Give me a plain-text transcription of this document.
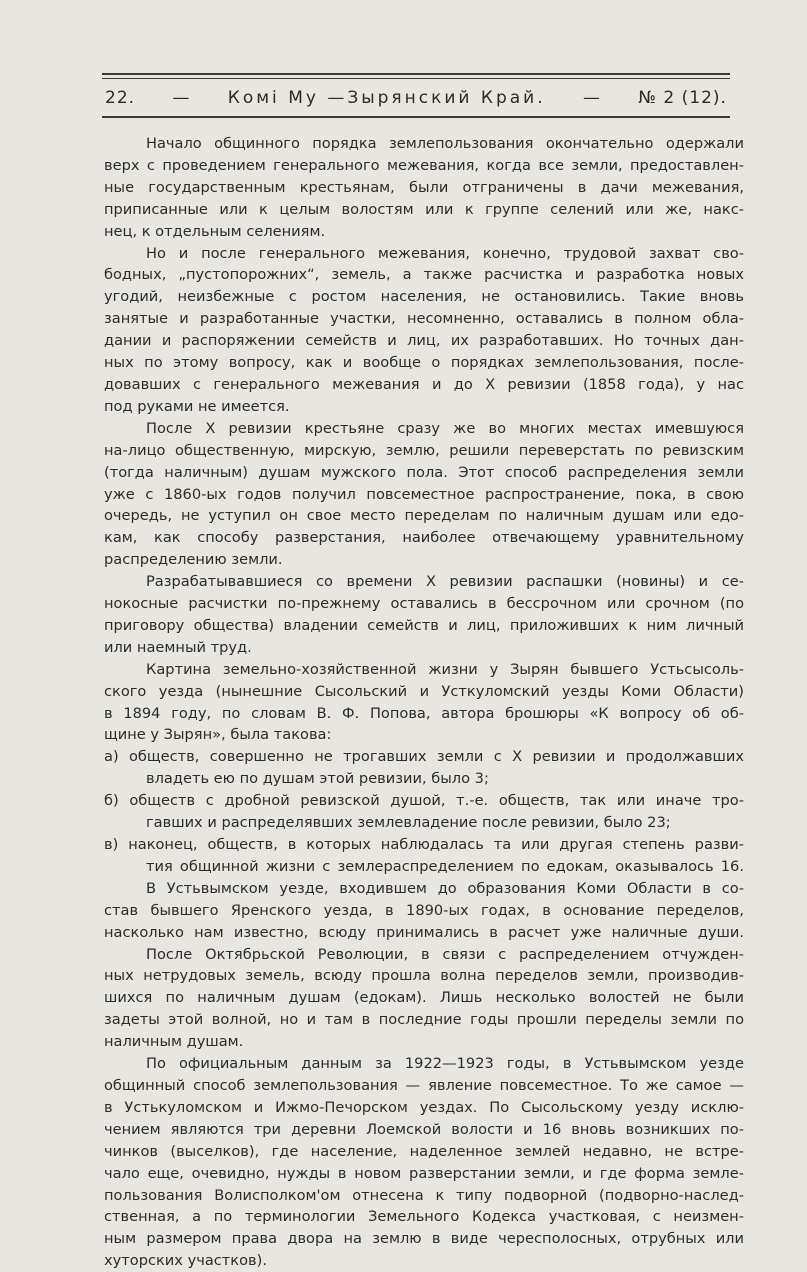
22. — Комі Му —Зырянский Край. — № 2 (12).
Начало общинного порядка землепользования окончательно одержали
верх с проведением генерального межевания, когда все земли, предоставлен-
ные государственным крестьянам, были отграничены в дачи межевания,
приписанные или к целым волостям или к группе селений или же, накс-
нец, к отдельным селениям.
Но и после генерального межевания, конечно, трудовой захват сво-
бодных, „пустопорожних“, земель, а также расчистка и разработка новых
угодий, неизбежные с ростом населения, не остановились. Такие вновь
занятые и разработанные участки, несомненно, оставались в полном обла-
дании и распоряжении семейств и лиц, их разработавших. Но точных дан-
ных по этому вопросу, как и вообще о порядках землепользования, после-
довавших с генерального межевания и до X ревизии (1858 года), у нас
под руками не имеется.
После X ревизии крестьяне сразу же во многих местах имевшуюся
на-лицо общественную, мирскую, землю, решили переверстать по ревизским
(тогда наличным) душам мужского пола. Этот способ распределения земли
уже с 1860-ых годов получил повсеместное распространение, пока, в свою
очередь, не уступил он свое место переделам по наличным душам или едо-
кам, как способу разверстания, наиболее отвечающему уравнительному
распределению земли.
Разрабатывавшиеся со времени X ревизии распашки (новины) и се-
нокосные расчистки по-прежнему оставались в бессрочном или срочном (по
приговору общества) владении семейств и лиц, приложивших к ним личный
или наемный труд.
Картина земельно-хозяйственной жизни у Зырян бывшего Устьсысоль-
ского уезда (нынешние Сысольский и Усткуломский уезды Коми Области)
в 1894 году, по словам В. Ф. Попова, автора брошюры «К вопросу об об-
щине у Зырян», была такова:
а) обществ, совершенно не трогавших земли с X ревизии и продолжавших
владеть ею по душам этой ревизии, было 3;
б) обществ с дробной ревизской душой, т.-е. обществ, так или иначе тро-
гавших и распределявших землевладение после ревизии, было 23;
в) наконец, обществ, в которых наблюдалась та или другая степень разви-
тия общинной жизни с землераспределением по едокам, оказывалось 16.
В Устьвымском уезде, входившем до образования Коми Области в со-
став бывшего Яренского уезда, в 1890-ых годах, в основание переделов,
насколько нам известно, всюду принимались в расчет уже наличные души.
После Октябрьской Революции, в связи с распределением отчужден-
ных нетрудовых земель, всюду прошла волна переделов земли, производив-
шихся по наличным душам (едокам). Лишь несколько волостей не были
задеты этой волной, но и там в последние годы прошли переделы земли по
наличным душам.
По официальным данным за 1922—1923 годы, в Устьвымском уезде
общинный способ землепользования — явление повсеместное. То же самое —
в Устькуломском и Ижмо-Печорском уездах. По Сысольскому уезду исклю-
чением являются три деревни Лоемской волости и 16 вновь возникших по-
чинков (выселков), где население, наделенное землей недавно, не встре-
чало еще, очевидно, нужды в новом разверстании земли, и где форма земле-
пользования Волисполком'ом отнесена к типу подворной (подворно-наслед-
ственная, а по терминологии Земельного Кодекса участковая, с неизмен-
ным размером права двора на землю в виде чересполосных, отрубных или
хуторских участков).
